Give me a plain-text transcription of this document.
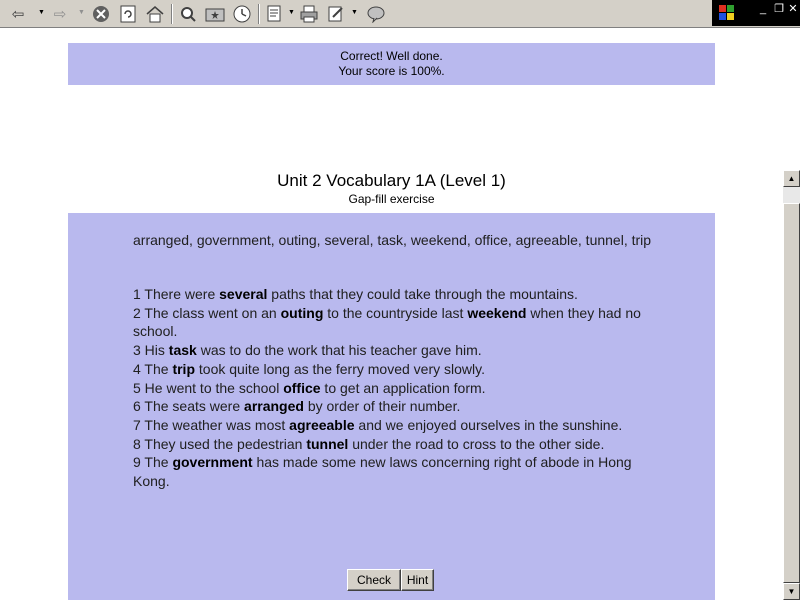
⇦	▼ ⇨	▼	▼	▼	_ ❐ ✕
Correct! Well done.
Your score is 100%.
Unit 2 Vocabulary 1A (Level 1)
Gap-fill exercise
arranged, government, outing, several, task, weekend, office, agreeable, tunnel, trip
1 There were several paths that they could take through the mountains.
2 The class went on an outing to the countryside last weekend when they had no school.
3 His task was to do the work that his teacher gave him.
4 The trip took quite long as the ferry moved very slowly.
5 He went to the school office to get an application form.
6 The seats were arranged by order of their number.
7 The weather was most agreeable and we enjoyed ourselves in the sunshine.
8 They used the pedestrian tunnel under the road to cross to the other side.
9 The government has made some new laws concerning right of abode in Hong Kong.
Check	Hint
▲
▼
